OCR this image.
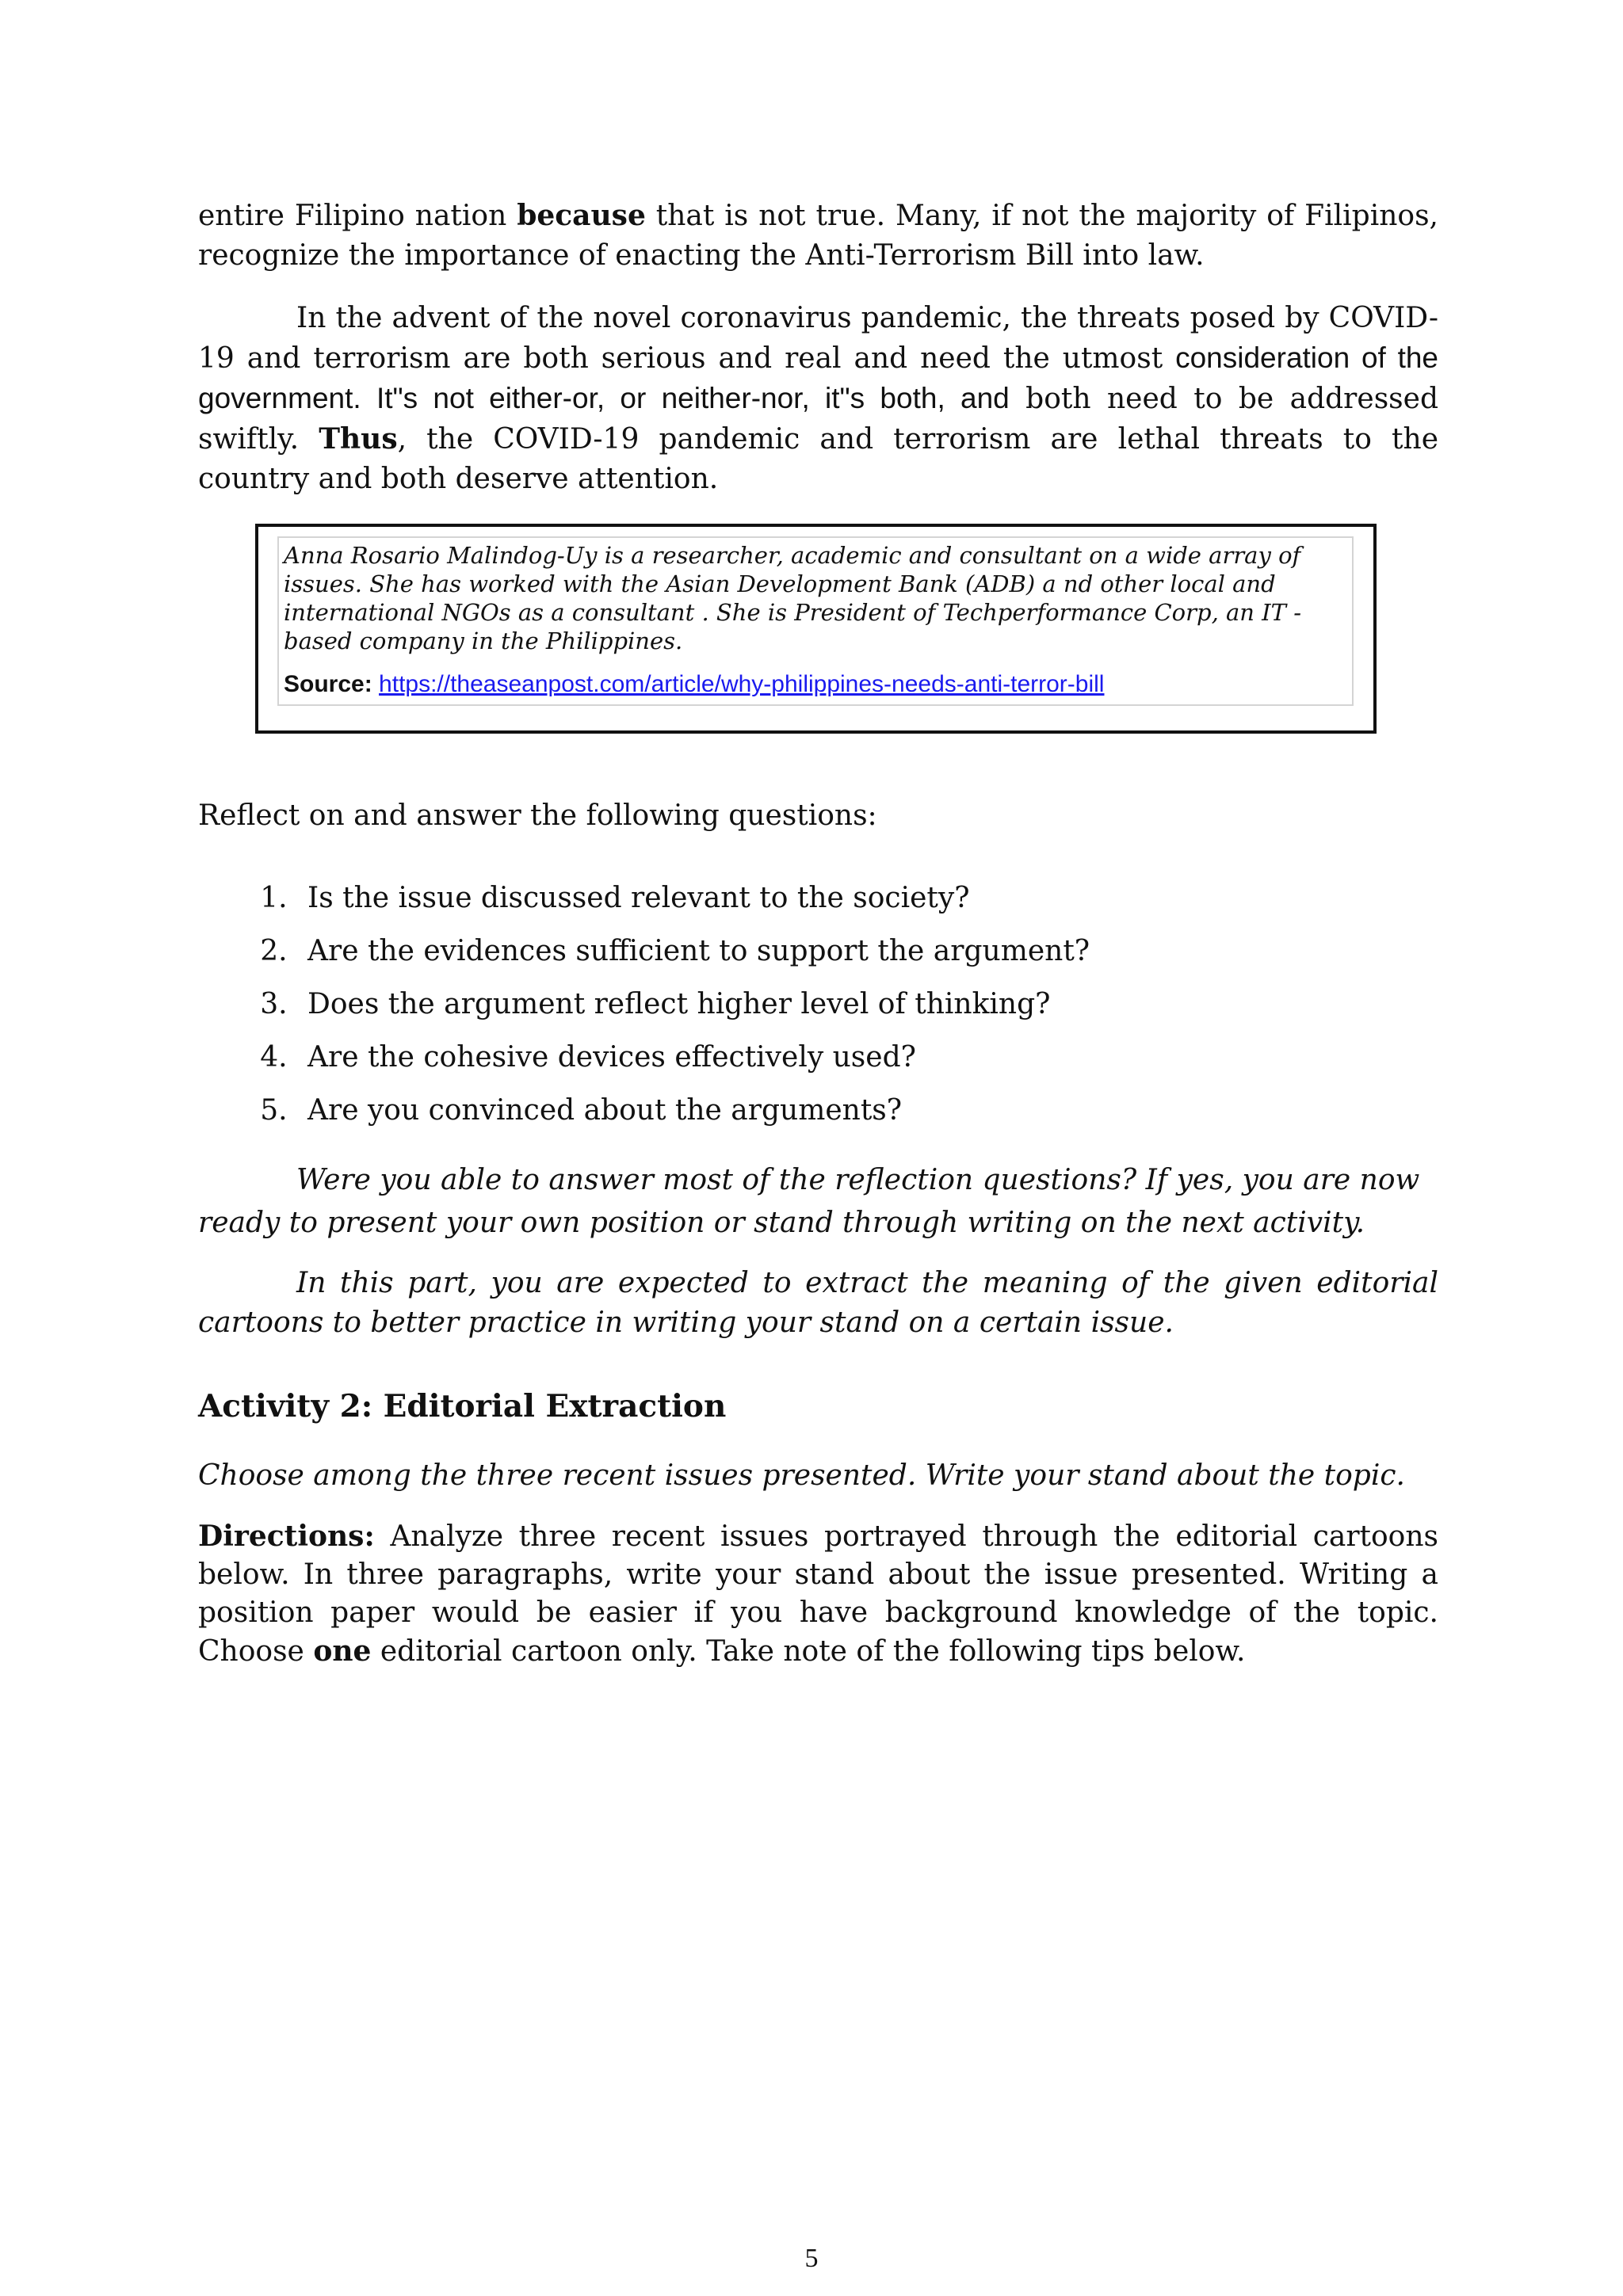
entire Filipino nation because that is not true. Many, if not the majority of Filipinos, recognize the importance of enacting the Anti-Terrorism Bill into law.

In the advent of the novel coronavirus pandemic, the threats posed by COVID-19 and terrorism are both serious and real and need the utmost consideration of the government. It"s not either-or, or neither-nor, it"s both, and both need to be addressed swiftly. Thus, the COVID-19 pandemic and terrorism are lethal threats to the country and both deserve attention.

Anna Rosario Malindog-Uy is a researcher, academic and consultant on a wide array of issues. She has worked with the Asian Development Bank (ADB) a nd other local and international NGOs as a consultant . She is President of Techperformance Corp, an IT -based company in the Philippines.

Source: https://theaseanpost.com/article/why-philippines-needs-anti-terror-bill

Reflect on and answer the following questions:

1. Is the issue discussed relevant to the society?
2. Are the evidences sufficient to support the argument?
3. Does the argument reflect higher level of thinking?
4. Are the cohesive devices effectively used?
5. Are you convinced about the arguments?

Were you able to answer most of the reflection questions? If yes, you are now ready to present your own position or stand through writing on the next activity.

In this part, you are expected to extract the meaning of the given editorial cartoons to better practice in writing your stand on a certain issue.

Activity 2: Editorial Extraction

Choose among the three recent issues presented. Write your stand about the topic.

Directions: Analyze three recent issues portrayed through the editorial cartoons below. In three paragraphs, write your stand about the issue presented. Writing a position paper would be easier if you have background knowledge of the topic. Choose one editorial cartoon only. Take note of the following tips below.

5
